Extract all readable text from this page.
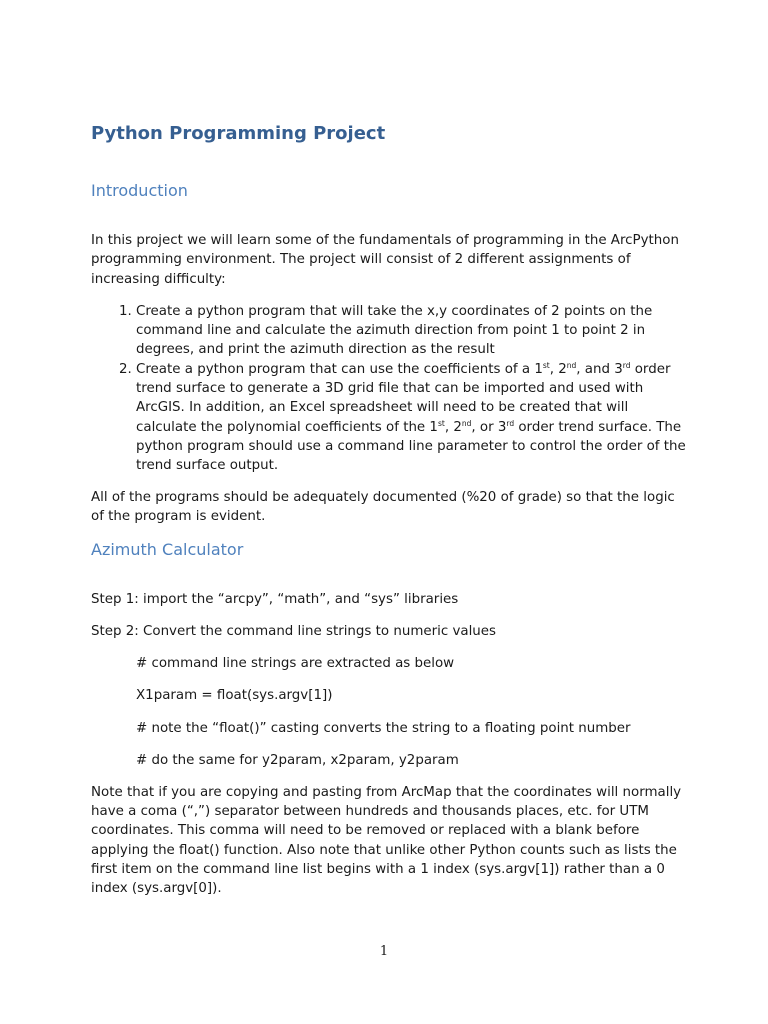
Python Programming Project
Introduction

In this project we will learn some of the fundamentals of programming in the ArcPython programming environment. The project will consist of 2 different assignments of increasing difficulty:

1. Create a python program that will take the x,y coordinates of 2 points on the command line and calculate the azimuth direction from point 1 to point 2 in degrees, and print the azimuth direction as the result
2. Create a python program that can use the coefficients of a 1st, 2nd, and 3rd order trend surface to generate a 3D grid file that can be imported and used with ArcGIS. In addition, an Excel spreadsheet will need to be created that will calculate the polynomial coefficients of the 1st, 2nd, or 3rd order trend surface. The python program should use a command line parameter to control the order of the trend surface output.

All of the programs should be adequately documented (%20 of grade) so that the logic of the program is evident.

Azimuth Calculator

Step 1: import the “arcpy”, “math”, and “sys” libraries

Step 2: Convert the command line strings to numeric values

# command line strings are extracted as below

X1param = float(sys.argv[1])

# note the “float()” casting converts the string to a floating point number

# do the same for y2param, x2param, y2param

Note that if you are copying and pasting from ArcMap that the coordinates will normally have a coma (“,”) separator between hundreds and thousands places, etc. for UTM coordinates. This comma will need to be removed or replaced with a blank before applying the float() function. Also note that unlike other Python counts such as lists the first item on the command line list begins with a 1 index (sys.argv[1]) rather than a 0 index (sys.argv[0]).

1
